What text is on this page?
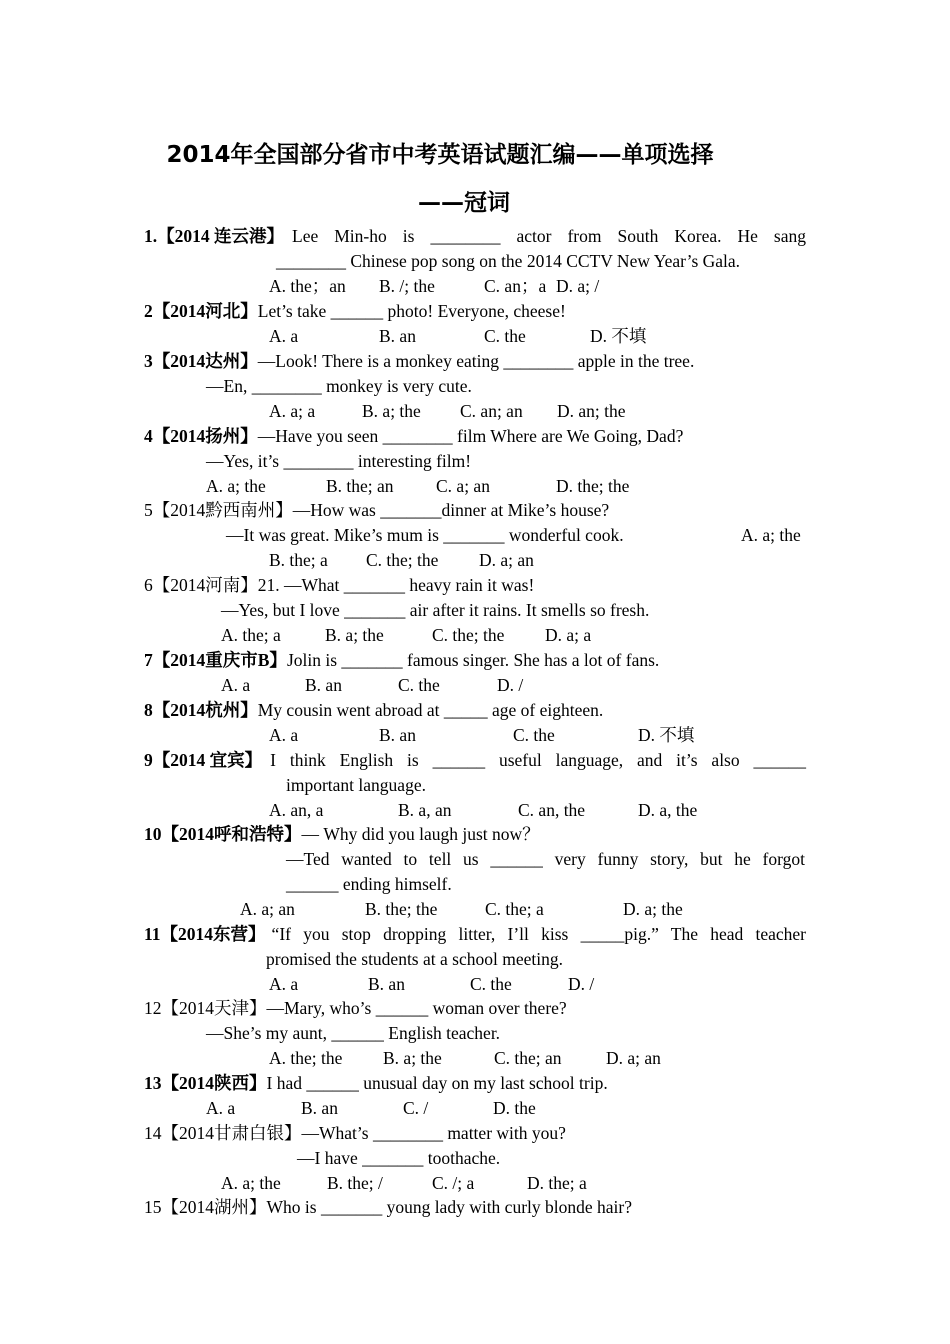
2014年全国部分省市中考英语试题汇编——单项选择
——冠词
1.【2014 连云港】 Lee Min-ho is ________ actor from South Korea. He sang
________ Chinese pop song on the 2014 CCTV New Year’s Gala.
A. the；an B. /; the	C. an；a D. a; /
2【2014河北】Let’s take ______ photo! Everyone, cheese!
A. a	B. an	C. the	D. 不填
3【2014达州】—Look! There is a monkey eating ________ apple in the tree.
—En, ________ monkey is very cute.
A. a; a	B. a; the C. an; an D. an; the
4【2014扬州】—Have you seen ________ film Where are We Going, Dad?
—Yes, it’s ________ interesting film!
A. a; the	B. the; an C. a; an	D. the; the
5【2014黔西南州】—How was _______dinner at Mike’s house?
—It was great. Mike’s mum is _______ wonderful cook.	A. a; the
B. the; a C. the; the D. a; an
6【2014河南】21. —What _______ heavy rain it was!
—Yes, but I love _______ air after it rains. It smells so fresh.
A. the; a	B. a; the	C. the; the D. a; a
7【2014重庆市B】Jolin is _______ famous singer. She has a lot of fans.
A. a	B. an	C. the	D. /
8【2014杭州】My cousin went abroad at _____ age of eighteen.
A. a	B. an	C. the	D. 不填
9【2014 宜宾】 I think English is ______ useful language, and it’s also ______
important language.
A. an, a	B. a, an	C. an, the	D. a, the
10【2014呼和浩特】— Why did you laugh just now？
—Ted wanted to tell us ______ very funny story, but he forgot
______ ending himself.
A. a; an	B. the; the	C. the; a	D. a; the
11【2014东营】 “If you stop dropping litter, I’ll kiss _____pig.” The head teacher
promised the students at a school meeting.
A. a	B. an	C. the	D. /
12【2014天津】—Mary, who’s ______ woman over there?
—She’s my aunt, ______ English teacher.
A. the; the B. a; the	C. the; an	D. a; an
13【2014陕西】I had ______ unusual day on my last school trip.
A. a	B. an	C. /	D. the
14【2014甘肃白银】—What’s ________ matter with you?
—I have _______ toothache.
A. a; the	B. the; /	C. /; a	D. the; a
15【2014湖州】Who is _______ young lady with curly blonde hair?
